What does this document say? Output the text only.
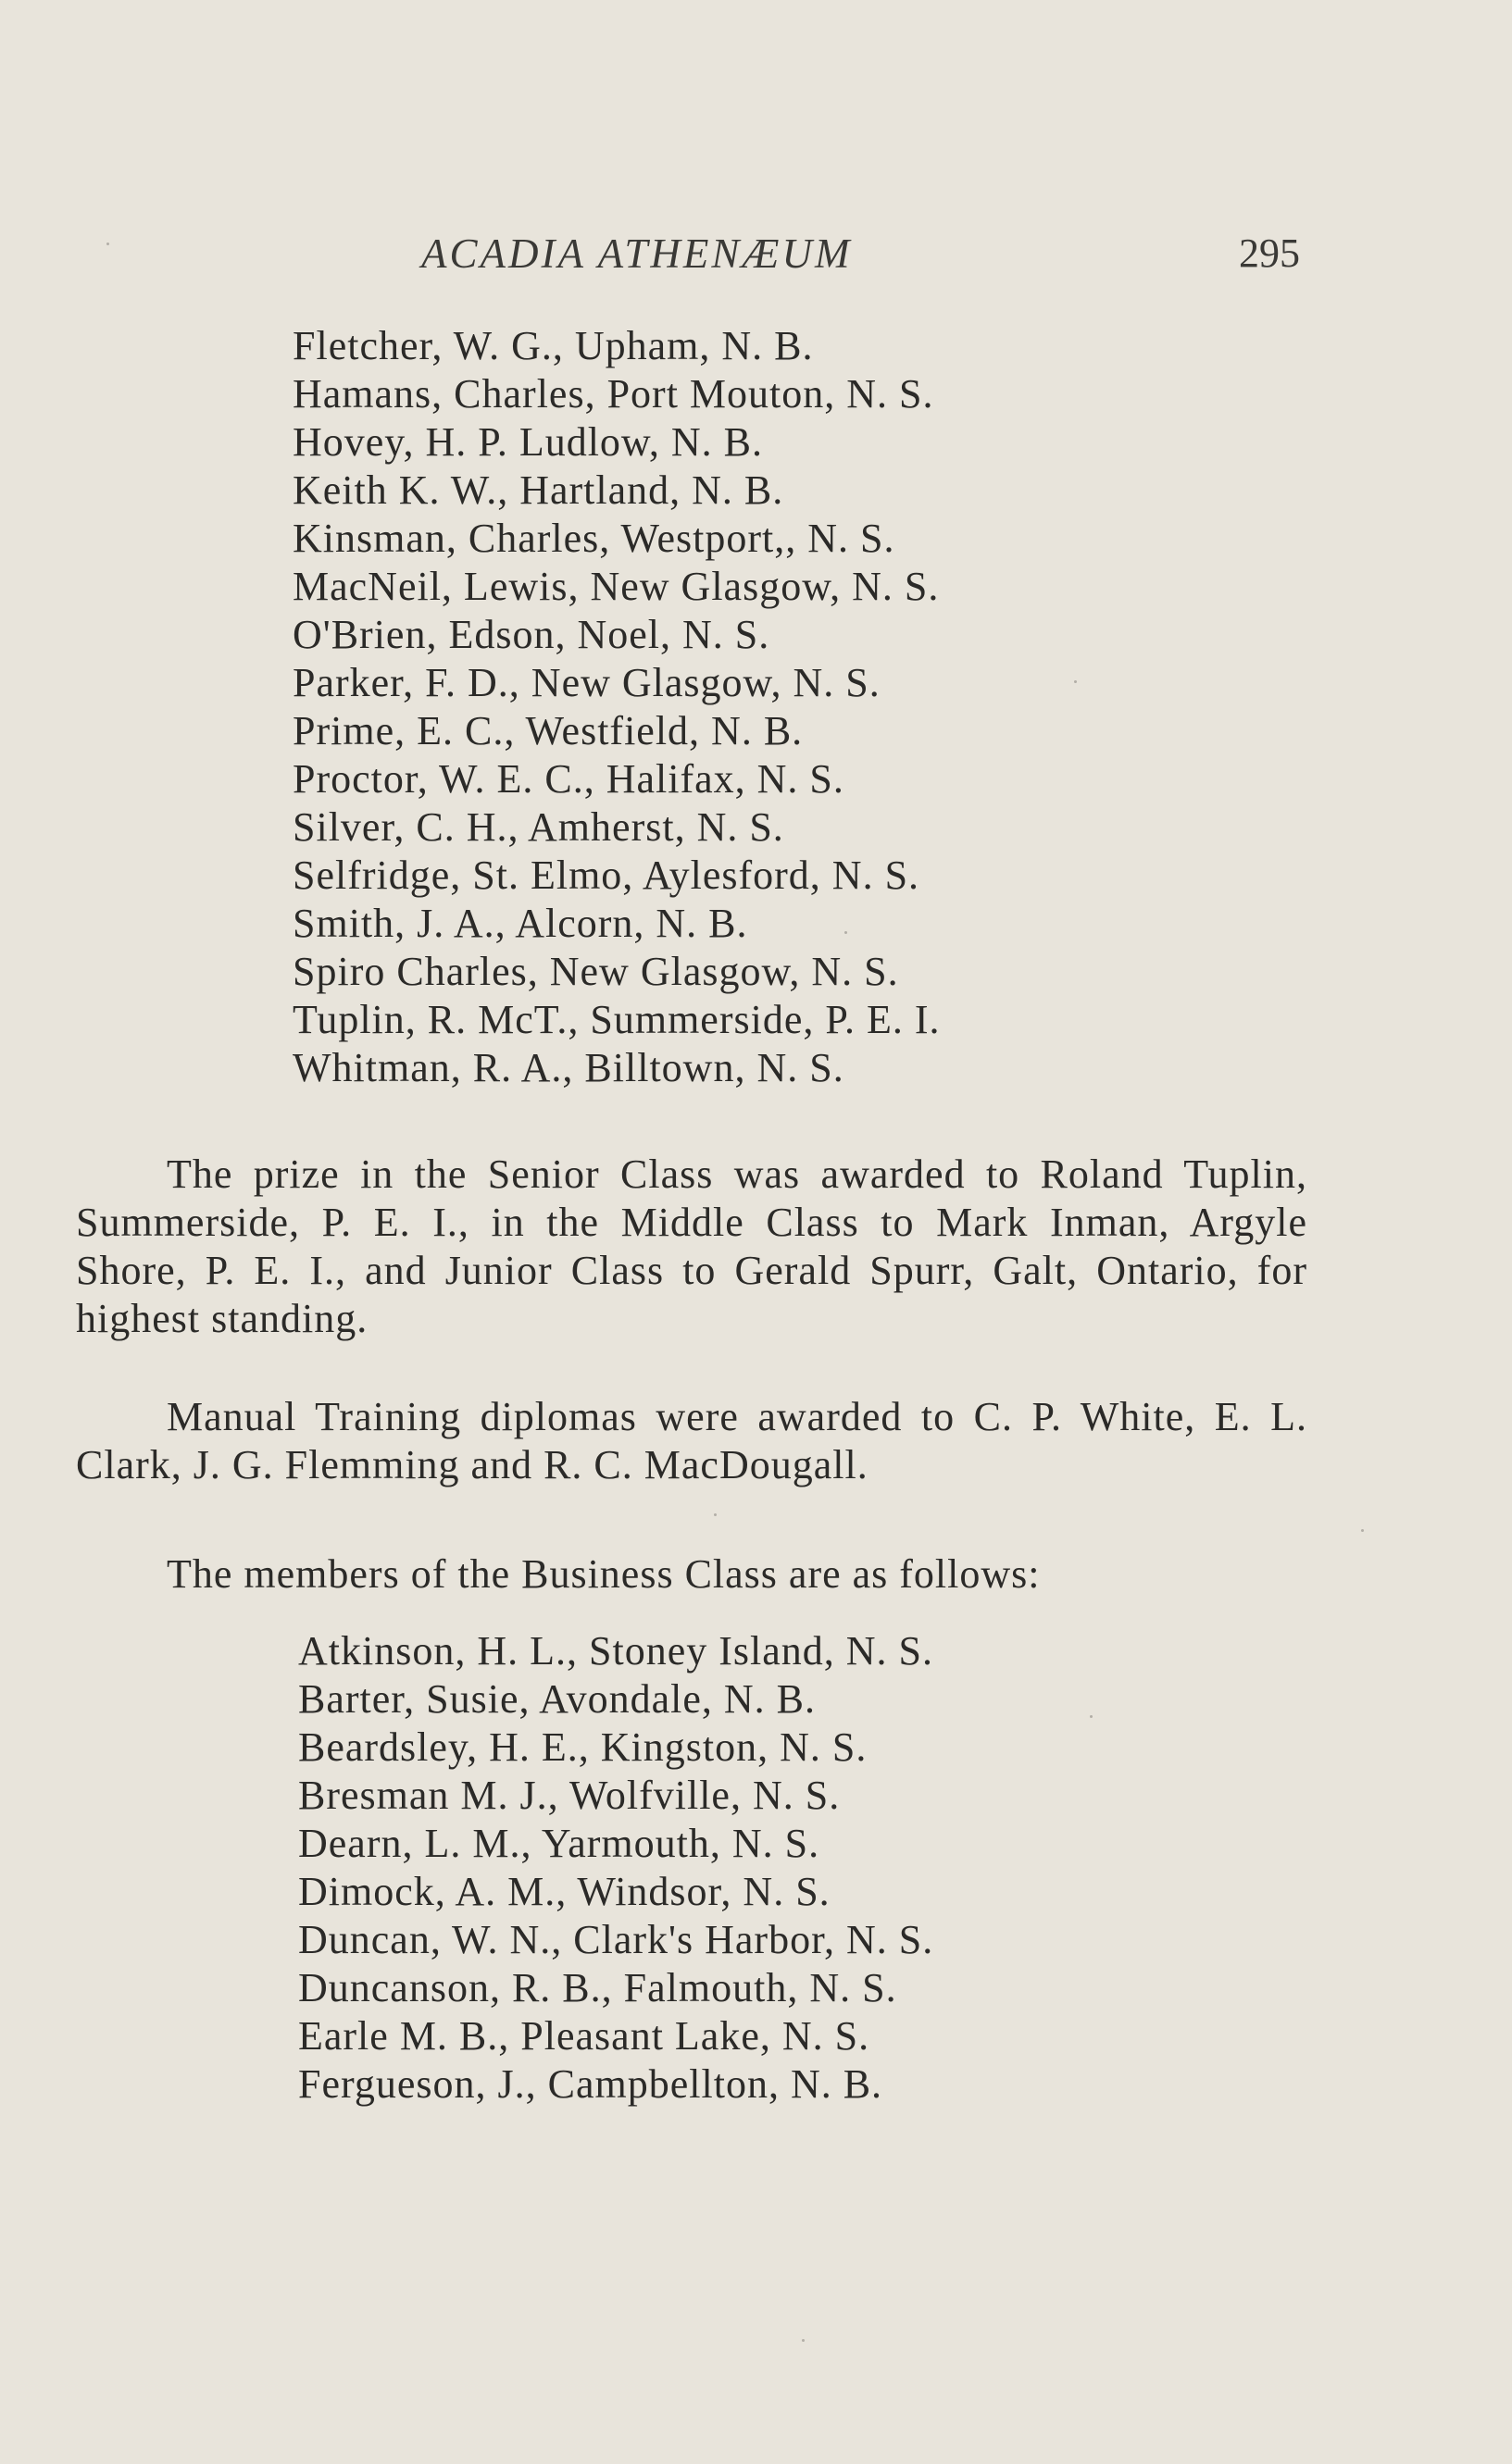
ACADIA ATHENÆUM	295
Fletcher, W. G., Upham, N. B.
Hamans, Charles, Port Mouton, N. S.
Hovey, H. P. Ludlow, N. B.
Keith K. W., Hartland, N. B.
Kinsman, Charles, Westport,, N. S.
MacNeil, Lewis, New Glasgow, N. S.
O'Brien, Edson, Noel, N. S.
Parker, F. D., New Glasgow, N. S.
Prime, E. C., Westfield, N. B.
Proctor, W. E. C., Halifax, N. S.
Silver, C. H., Amherst, N. S.
Selfridge, St. Elmo, Aylesford, N. S.
Smith, J. A., Alcorn, N. B.
Spiro Charles, New Glasgow, N. S.
Tuplin, R. McT., Summerside, P. E. I.
Whitman, R. A., Billtown, N. S.

The prize in the Senior Class was awarded to Roland Tuplin, Summerside, P. E. I., in the Middle Class to Mark Inman, Argyle Shore, P. E. I., and Junior Class to Gerald Spurr, Galt, Ontario, for highest standing.

Manual Training diplomas were awarded to C. P. White, E. L. Clark, J. G. Flemming and R. C. MacDougall.

The members of the Business Class are as follows:

Atkinson, H. L., Stoney Island, N. S.
Barter, Susie, Avondale, N. B.
Beardsley, H. E., Kingston, N. S.
Bresman M. J., Wolfville, N. S.
Dearn, L. M., Yarmouth, N. S.
Dimock, A. M., Windsor, N. S.
Duncan, W. N., Clark's Harbor, N. S.
Duncanson, R. B., Falmouth, N. S.
Earle M. B., Pleasant Lake, N. S.
Fergueson, J., Campbellton, N. B.
